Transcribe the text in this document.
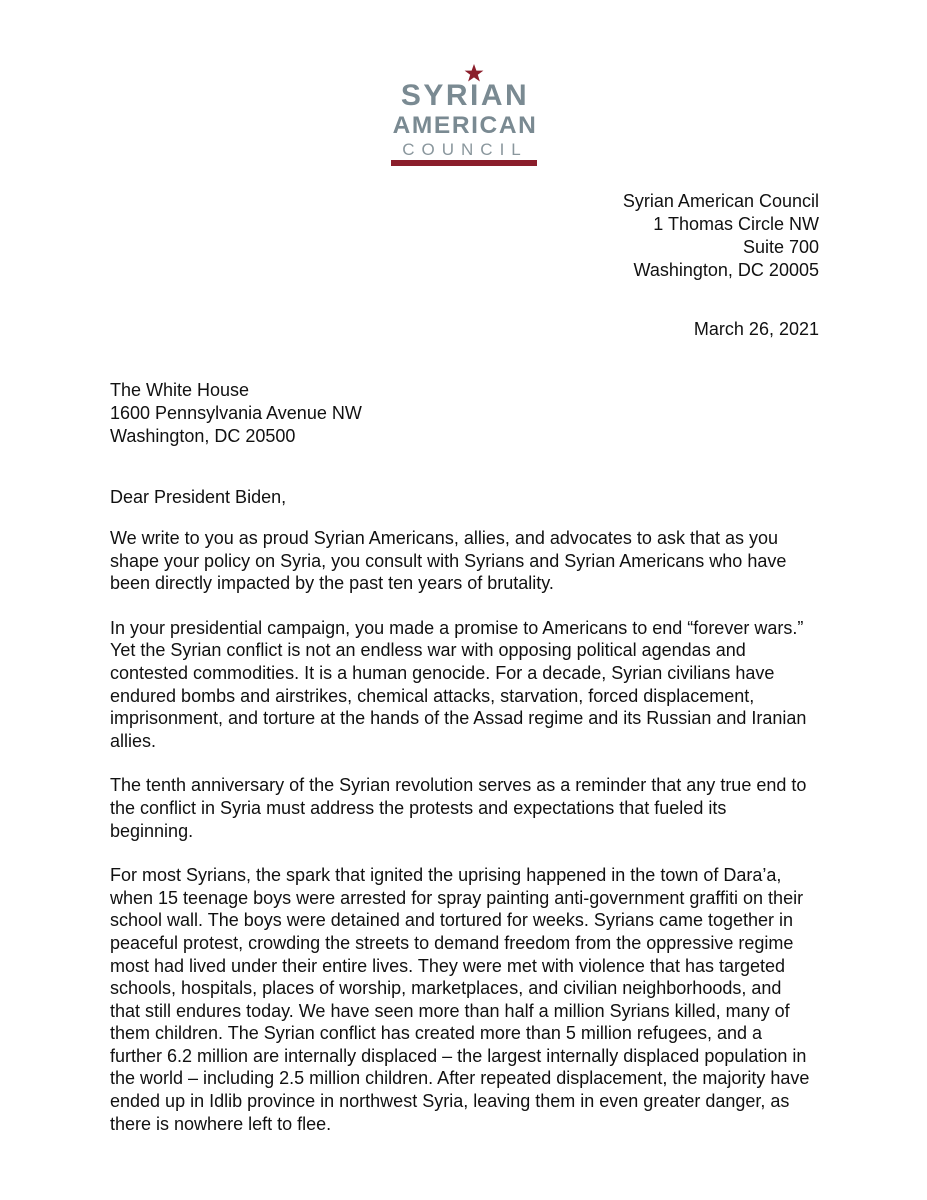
SYRIAN
AMERICAN
COUNCIL
Syrian American Council
1 Thomas Circle NW
Suite 700
Washington, DC 20005
March 26, 2021
The White House
1600 Pennsylvania Avenue NW
Washington, DC 20500
Dear President Biden,

We write to you as proud Syrian Americans, allies, and advocates to ask that as you
shape your policy on Syria, you consult with Syrians and Syrian Americans who have
been directly impacted by the past ten years of brutality.

In your presidential campaign, you made a promise to Americans to end “forever wars.”
Yet the Syrian conflict is not an endless war with opposing political agendas and
contested commodities. It is a human genocide. For a decade, Syrian civilians have
endured bombs and airstrikes, chemical attacks, starvation, forced displacement,
imprisonment, and torture at the hands of the Assad regime and its Russian and Iranian
allies.

The tenth anniversary of the Syrian revolution serves as a reminder that any true end to
the conflict in Syria must address the protests and expectations that fueled its
beginning.

For most Syrians, the spark that ignited the uprising happened in the town of Dara’a,
when 15 teenage boys were arrested for spray painting anti-government graffiti on their
school wall. The boys were detained and tortured for weeks. Syrians came together in
peaceful protest, crowding the streets to demand freedom from the oppressive regime
most had lived under their entire lives. They were met with violence that has targeted
schools, hospitals, places of worship, marketplaces, and civilian neighborhoods, and
that still endures today. We have seen more than half a million Syrians killed, many of
them children. The Syrian conflict has created more than 5 million refugees, and a
further 6.2 million are internally displaced – the largest internally displaced population in
the world – including 2.5 million children. After repeated displacement, the majority have
ended up in Idlib province in northwest Syria, leaving them in even greater danger, as
there is nowhere left to flee.
